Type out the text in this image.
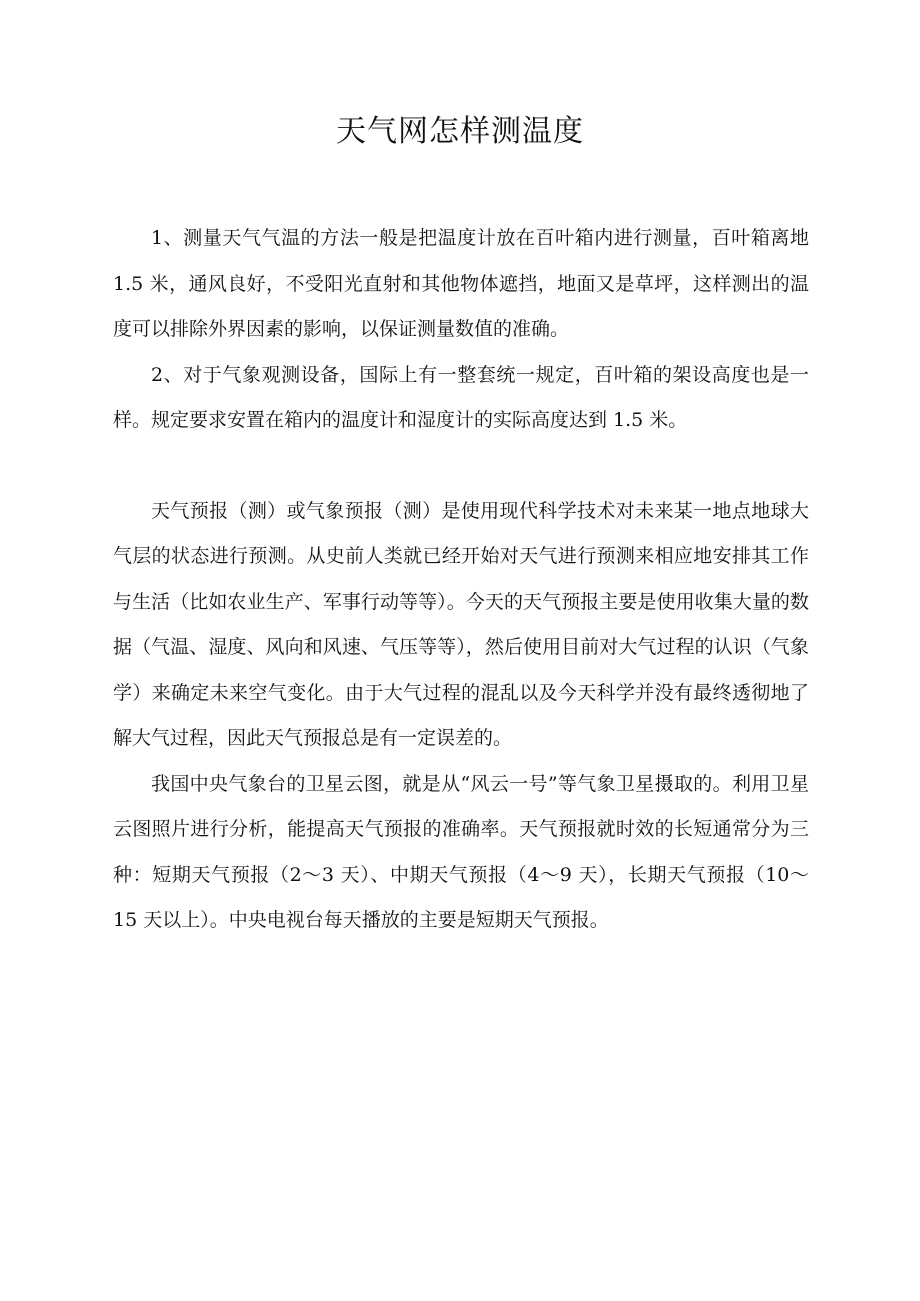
天气网怎样测温度

1、测量天气气温的方法一般是把温度计放在百叶箱内进行测量，百叶箱离地 1.5 米，通风良好，不受阳光直射和其他物体遮挡，地面又是草坪，这样测出的温度可以排除外界因素的影响，以保证测量数值的准确。

2、对于气象观测设备，国际上有一整套统一规定，百叶箱的架设高度也是一样。规定要求安置在箱内的温度计和湿度计的实际高度达到 1.5 米。

天气预报（测）或气象预报（测）是使用现代科学技术对未来某一地点地球大气层的状态进行预测。从史前人类就已经开始对天气进行预测来相应地安排其工作与生活（比如农业生产、军事行动等等）。今天的天气预报主要是使用收集大量的数据（气温、湿度、风向和风速、气压等等），然后使用目前对大气过程的认识（气象学）来确定未来空气变化。由于大气过程的混乱以及今天科学并没有最终透彻地了解大气过程，因此天气预报总是有一定误差的。

我国中央气象台的卫星云图，就是从“风云一号”等气象卫星摄取的。利用卫星云图照片进行分析，能提高天气预报的准确率。天气预报就时效的长短通常分为三种：短期天气预报（2～3 天）、中期天气预报（4～9 天），长期天气预报（10～15 天以上）。中央电视台每天播放的主要是短期天气预报。
